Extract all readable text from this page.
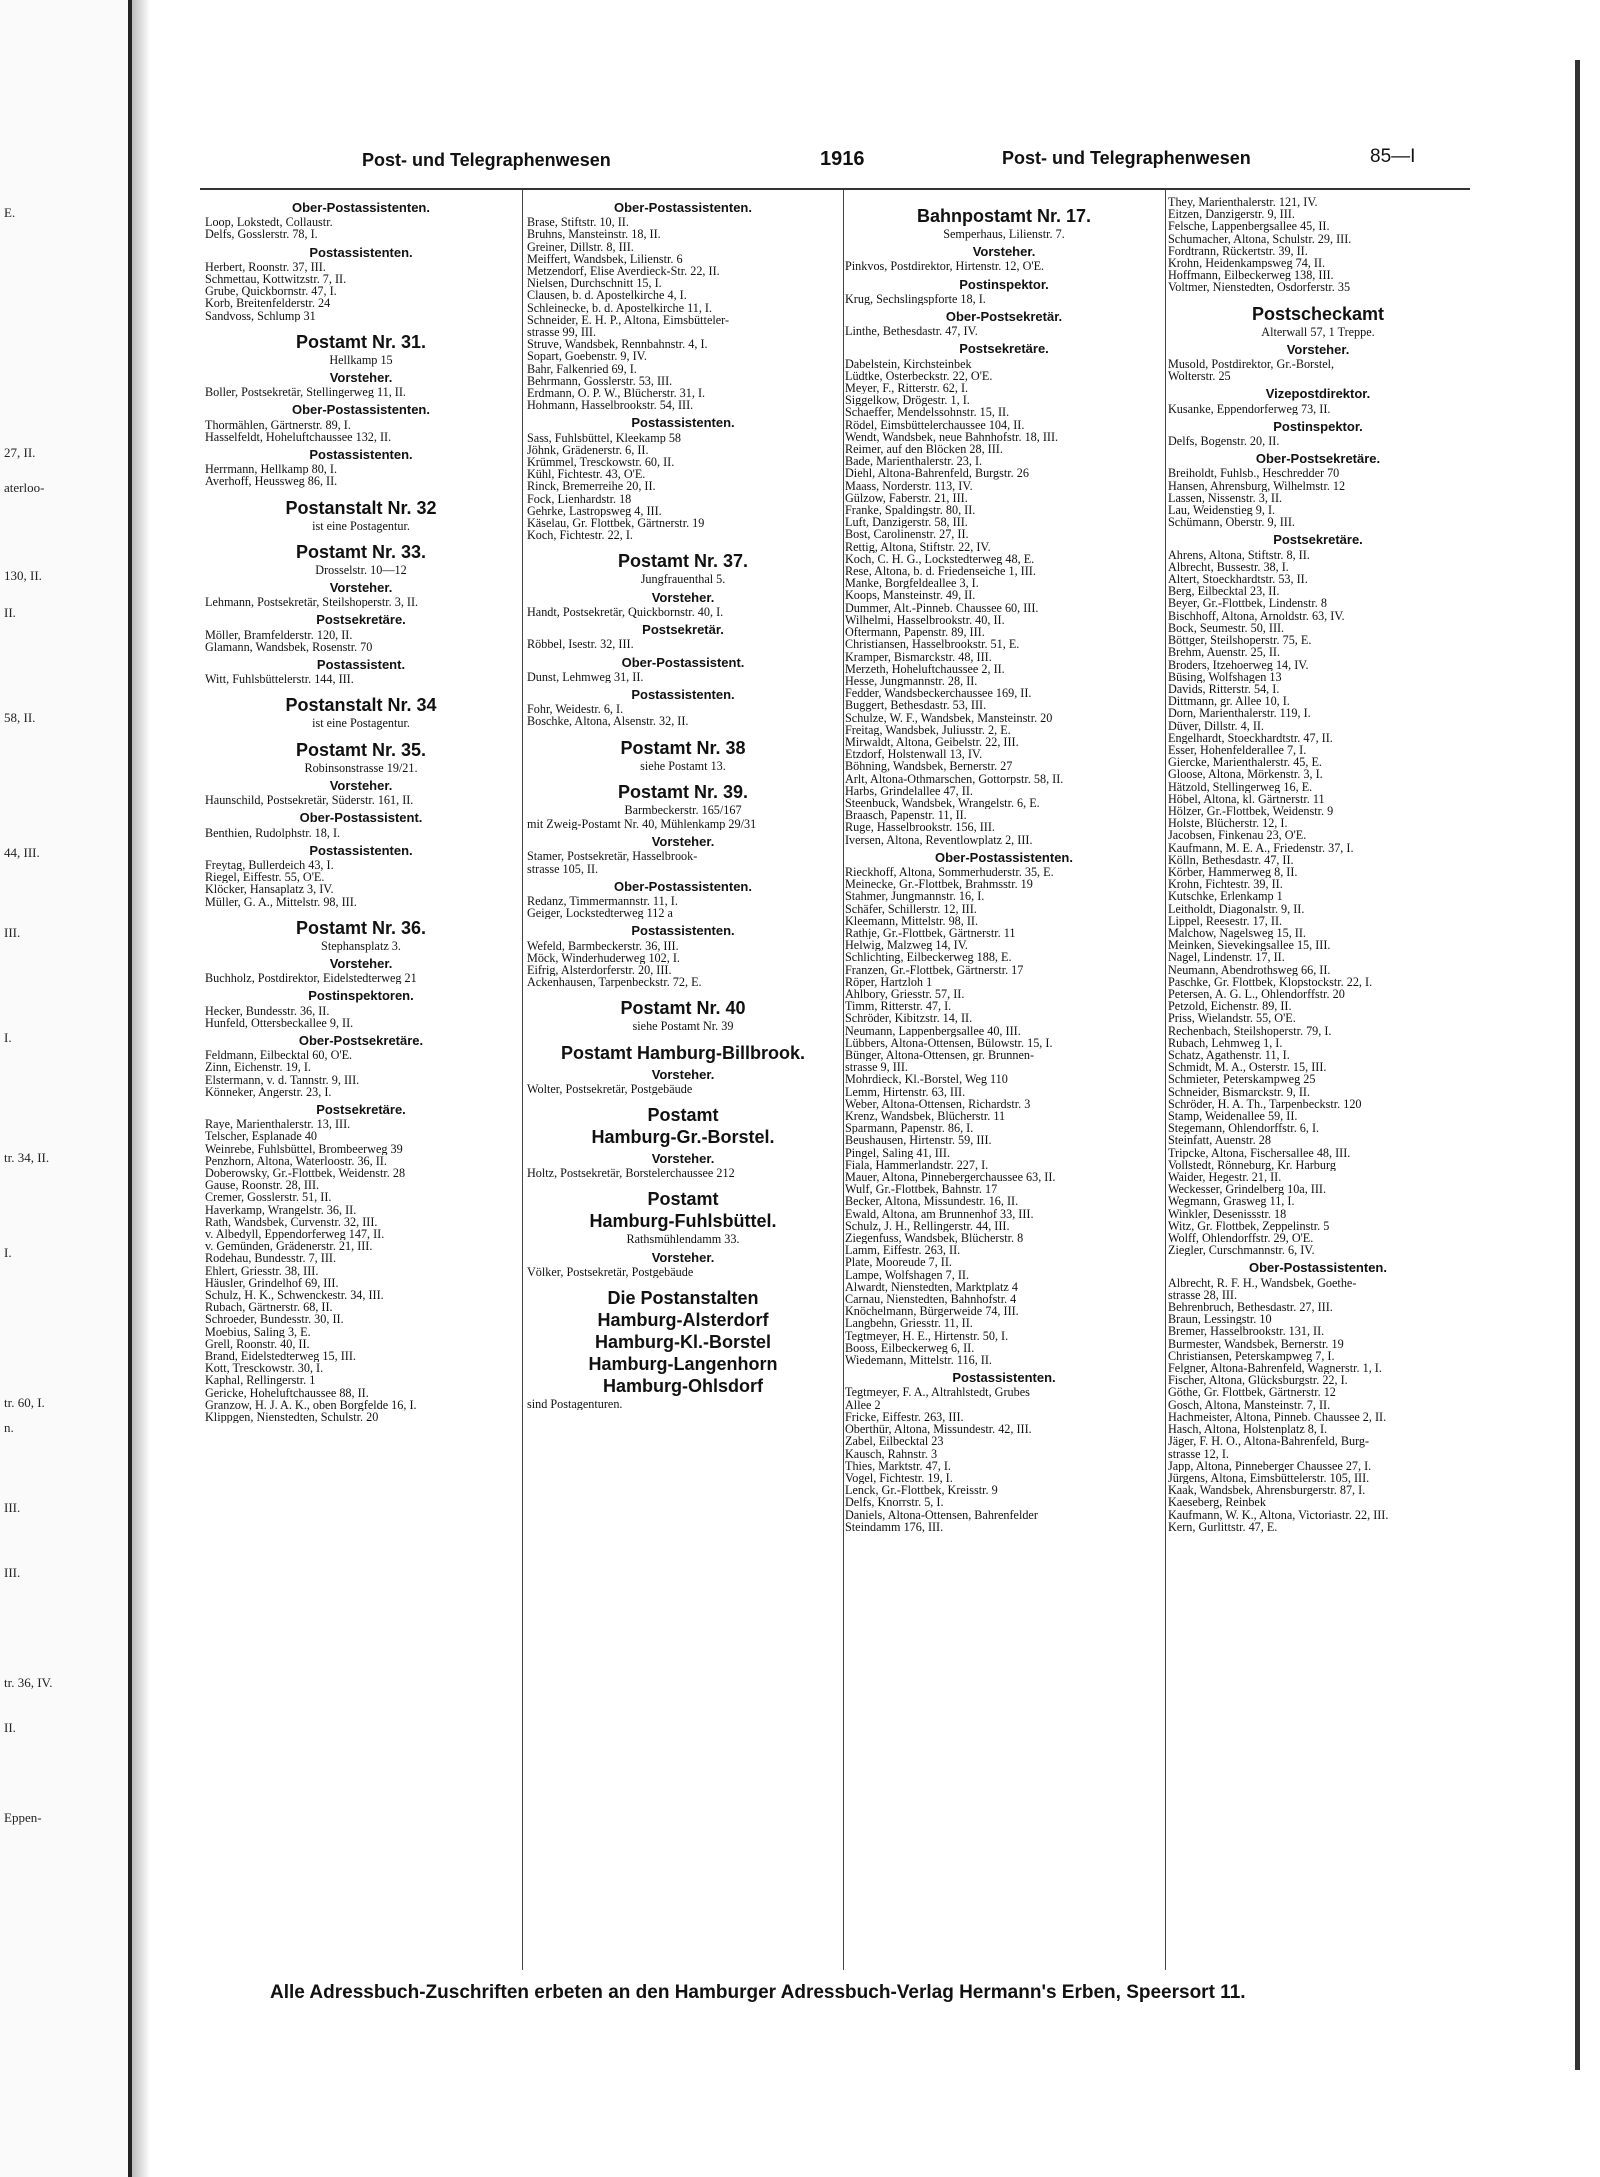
E.
27, II.
aterloo-
130, II.
II.
58, II.
44, III.
III.
I.
tr. 34, II.
I.
tr. 60, I.
n.
III.
III.
tr. 36, IV.
II.
Eppen-
Post- und Telegraphenwesen	1916	Post- und Telegraphenwesen	85—I
Ober-Postassistenten.
Loop, Lokstedt, Collaustr.
Delfs, Gosslerstr. 78, I.
Postassistenten.
Herbert, Roonstr. 37, III.
Schmettau, Kottwitzstr. 7, II.
Grube, Quickbornstr. 47, I.
Korb, Breitenfelderstr. 24
Sandvoss, Schlump 31
Postamt Nr. 31.
Hellkamp 15
Vorsteher.
Boller, Postsekretär, Stellingerweg 11, II.
Ober-Postassistenten.
Thormählen, Gärtnerstr. 89, I.
Hasselfeldt, Hoheluftchaussee 132, II.
Postassistenten.
Herrmann, Hellkamp 80, I.
Averhoff, Heussweg 86, II.
Postanstalt Nr. 32
ist eine Postagentur.
Postamt Nr. 33.
Drosselstr. 10—12
Vorsteher.
Lehmann, Postsekretär, Steilshoperstr. 3, II.
Postsekretäre.
Möller, Bramfelderstr. 120, II.
Glamann, Wandsbek, Rosenstr. 70
Postassistent.
Witt, Fuhlsbüttelerstr. 144, III.
Postanstalt Nr. 34
ist eine Postagentur.
Postamt Nr. 35.
Robinsonstrasse 19/21.
Vorsteher.
Haunschild, Postsekretär, Süderstr. 161, II.
Ober-Postassistent.
Benthien, Rudolphstr. 18, I.
Postassistenten.
Freytag, Bullerdeich 43, I.
Riegel, Eiffestr. 55, O'E.
Klöcker, Hansaplatz 3, IV.
Müller, G. A., Mittelstr. 98, III.
Postamt Nr. 36.
Stephansplatz 3.
Vorsteher.
Buchholz, Postdirektor, Eidelstedterweg 21
Postinspektoren.
Hecker, Bundesstr. 36, II.
Hunfeld, Ottersbeckallee 9, II.
Ober-Postsekretäre.
Feldmann, Eilbecktal 60, O'E.
Zinn, Eichenstr. 19, I.
Elstermann, v. d. Tannstr. 9, III.
Könneker, Angerstr. 23, I.
Postsekretäre.
Raye, Marienthalerstr. 13, III.
Telscher, Esplanade 40
Weinrebe, Fuhlsbüttel, Brombeerweg 39
Penzhorn, Altona, Waterloostr. 36, II.
Doberowsky, Gr.-Flottbek, Weidenstr. 28
Gause, Roonstr. 28, III.
Cremer, Gosslerstr. 51, II.
Haverkamp, Wrangelstr. 36, II.
Rath, Wandsbek, Curvenstr. 32, III.
v. Albedyll, Eppendorferweg 147, II.
v. Gemünden, Grädenerstr. 21, III.
Rodehau, Bundesstr. 7, III.
Ehlert, Griesstr. 38, III.
Häusler, Grindelhof 69, III.
Schulz, H. K., Schwenckestr. 34, III.
Rubach, Gärtnerstr. 68, II.
Schroeder, Bundesstr. 30, II.
Moebius, Saling 3, E.
Grell, Roonstr. 40, II.
Brand, Eidelstedterweg 15, III.
Kott, Tresckowstr. 30, I.
Kaphal, Rellingerstr. 1
Gericke, Hoheluftchaussee 88, II.
Granzow, H. J. A. K., oben Borgfelde 16, I.
Klippgen, Nienstedten, Schulstr. 20
Ober-Postassistenten.
Brase, Stiftstr. 10, II.
Bruhns, Mansteinstr. 18, II.
Greiner, Dillstr. 8, III.
Meiffert, Wandsbek, Lilienstr. 6
Metzendorf, Elise Averdieck-Str. 22, II.
Nielsen, Durchschnitt 15, I.
Clausen, b. d. Apostelkirche 4, I.
Schleinecke, b. d. Apostelkirche 11, I.
Schneider, E. H. P., Altona, Eimsbütteler-
strasse 99, III.
Struve, Wandsbek, Rennbahnstr. 4, I.
Sopart, Goebenstr. 9, IV.
Bahr, Falkenried 69, I.
Behrmann, Gosslerstr. 53, III.
Erdmann, O. P. W., Blücherstr. 31, I.
Hohmann, Hasselbrookstr. 54, III.
Postassistenten.
Sass, Fuhlsbüttel, Kleekamp 58
Jöhnk, Grädenerstr. 6, II.
Krümmel, Tresckowstr. 60, II.
Kühl, Fichtestr. 43, O'E.
Rinck, Bremerreihe 20, II.
Fock, Lienhardstr. 18
Gehrke, Lastropsweg 4, III.
Käselau, Gr. Flottbek, Gärtnerstr. 19
Koch, Fichtestr. 22, I.
Postamt Nr. 37.
Jungfrauenthal 5.
Vorsteher.
Handt, Postsekretär, Quickbornstr. 40, I.
Postsekretär.
Röbbel, Isestr. 32, III.
Ober-Postassistent.
Dunst, Lehmweg 31, II.
Postassistenten.
Fohr, Weidestr. 6, I.
Boschke, Altona, Alsenstr. 32, II.
Postamt Nr. 38
siehe Postamt 13.
Postamt Nr. 39.
Barmbeckerstr. 165/167
mit Zweig-Postamt Nr. 40, Mühlenkamp 29/31
Vorsteher.
Stamer, Postsekretär, Hasselbrook-
strasse 105, II.
Ober-Postassistenten.
Redanz, Timmermannstr. 11, I.
Geiger, Lockstedterweg 112 a
Postassistenten.
Wefeld, Barmbeckerstr. 36, III.
Möck, Winderhuderweg 102, I.
Eifrig, Alsterdorferstr. 20, III.
Ackenhausen, Tarpenbeckstr. 72, E.
Postamt Nr. 40
siehe Postamt Nr. 39
Postamt Hamburg-Billbrook.
Vorsteher.
Wolter, Postsekretär, Postgebäude
Postamt
Hamburg-Gr.-Borstel.
Vorsteher.
Holtz, Postsekretär, Borstelerchaussee 212
Postamt
Hamburg-Fuhlsbüttel.
Rathsmühlendamm 33.
Vorsteher.
Völker, Postsekretär, Postgebäude
Die Postanstalten
Hamburg-Alsterdorf
Hamburg-Kl.-Borstel
Hamburg-Langenhorn
Hamburg-Ohlsdorf
sind Postagenturen.
Bahnpostamt Nr. 17.
Semperhaus, Lilienstr. 7.
Vorsteher.
Pinkvos, Postdirektor, Hirtenstr. 12, O'E.
Postinspektor.
Krug, Sechslingspforte 18, I.
Ober-Postsekretär.
Linthe, Bethesdastr. 47, IV.
Postsekretäre.
Dabelstein, Kirchsteinbek
Lüdtke, Osterbeckstr. 22, O'E.
Meyer, F., Ritterstr. 62, I.
Siggelkow, Drögestr. 1, I.
Schaeffer, Mendelssohnstr. 15, II.
Rödel, Eimsbüttelerchaussee 104, II.
Wendt, Wandsbek, neue Bahnhofstr. 18, III.
Reimer, auf den Blöcken 28, III.
Bade, Marienthalerstr. 23, I.
Diehl, Altona-Bahrenfeld, Burgstr. 26
Maass, Norderstr. 113, IV.
Gülzow, Faberstr. 21, III.
Franke, Spaldingstr. 80, II.
Luft, Danzigerstr. 58, III.
Bost, Carolinenstr. 27, II.
Rettig, Altona, Stiftstr. 22, IV.
Koch, C. H. G., Lockstedterweg 48, E.
Rese, Altona, b. d. Friedenseiche 1, III.
Manke, Borgfeldeallee 3, I.
Koops, Mansteinstr. 49, II.
Dummer, Alt.-Pinneb. Chaussee 60, III.
Wilhelmi, Hasselbrookstr. 40, II.
Oftermann, Papenstr. 89, III.
Christiansen, Hasselbrookstr. 51, E.
Kramper, Bismarckstr. 48, III.
Merzeth, Hoheluftchaussee 2, II.
Hesse, Jungmannstr. 28, II.
Fedder, Wandsbeckerchaussee 169, II.
Buggert, Bethesdastr. 53, III.
Schulze, W. F., Wandsbek, Mansteinstr. 20
Freitag, Wandsbek, Juliusstr. 2, E.
Mirwaldt, Altona, Geibelstr. 22, III.
Etzdorf, Holstenwall 13, IV.
Böhning, Wandsbek, Bernerstr. 27
Arlt, Altona-Othmarschen, Gottorpstr. 58, II.
Harbs, Grindelallee 47, II.
Steenbuck, Wandsbek, Wrangelstr. 6, E.
Braasch, Papenstr. 11, II.
Ruge, Hasselbrookstr. 156, III.
Iversen, Altona, Reventlowplatz 2, III.
Ober-Postassistenten.
Rieckhoff, Altona, Sommerhuderstr. 35, E.
Meinecke, Gr.-Flottbek, Brahmsstr. 19
Stahmer, Jungmannstr. 16, I.
Schäfer, Schillerstr. 12, III.
Kleemann, Mittelstr. 98, II.
Rathje, Gr.-Flottbek, Gärtnerstr. 11
Helwig, Malzweg 14, IV.
Schlichting, Eilbeckerweg 188, E.
Franzen, Gr.-Flottbek, Gärtnerstr. 17
Röper, Hartzloh 1
Ahlbory, Griesstr. 57, II.
Timm, Ritterstr. 47, I.
Schröder, Kibitzstr. 14, II.
Neumann, Lappenbergsallee 40, III.
Lübbers, Altona-Ottensen, Bülowstr. 15, I.
Bünger, Altona-Ottensen, gr. Brunnen-
strasse 9, III.
Mohrdieck, Kl.-Borstel, Weg 110
Lemm, Hirtenstr. 63, III.
Weber, Altona-Ottensen, Richardstr. 3
Krenz, Wandsbek, Blücherstr. 11
Sparmann, Papenstr. 86, I.
Beushausen, Hirtenstr. 59, III.
Pingel, Saling 41, III.
Fiala, Hammerlandstr. 227, I.
Mauer, Altona, Pinnebergerchaussee 63, II.
Wulf, Gr.-Flottbek, Bahnstr. 17
Becker, Altona, Missundestr. 16, II.
Ewald, Altona, am Brunnenhof 33, III.
Schulz, J. H., Rellingerstr. 44, III.
Ziegenfuss, Wandsbek, Blücherstr. 8
Lamm, Eiffestr. 263, II.
Plate, Mooreude 7, II.
Lampe, Wolfshagen 7, II.
Alwardt, Nienstedten, Marktplatz 4
Carnau, Nienstedten, Bahnhofstr. 4
Knöchelmann, Bürgerweide 74, III.
Langbehn, Griesstr. 11, II.
Tegtmeyer, H. E., Hirtenstr. 50, I.
Booss, Eilbeckerweg 6, II.
Wiedemann, Mittelstr. 116, II.
Postassistenten.
Tegtmeyer, F. A., Altrahlstedt, Grubes
Allee 2
Fricke, Eiffestr. 263, III.
Oberthür, Altona, Missundestr. 42, III.
Zabel, Eilbecktal 23
Kausch, Rahnstr. 3
Thies, Marktstr. 47, I.
Vogel, Fichtestr. 19, I.
Lenck, Gr.-Flottbek, Kreisstr. 9
Delfs, Knorrstr. 5, I.
Daniels, Altona-Ottensen, Bahrenfelder
Steindamm 176, III.
They, Marienthalerstr. 121, IV.
Eitzen, Danzigerstr. 9, III.
Felsche, Lappenbergsallee 45, II.
Schumacher, Altona, Schulstr. 29, III.
Fordtrann, Rückertstr. 39, II.
Krohn, Heidenkampsweg 74, II.
Hoffmann, Eilbeckerweg 138, III.
Voltmer, Nienstedten, Osdorferstr. 35
Postscheckamt
Alterwall 57, 1 Treppe.
Vorsteher.
Musold, Postdirektor, Gr.-Borstel,
Wolterstr. 25
Vizepostdirektor.
Kusanke, Eppendorferweg 73, II.
Postinspektor.
Delfs, Bogenstr. 20, II.
Ober-Postsekretäre.
Breiholdt, Fuhlsb., Heschredder 70
Hansen, Ahrensburg, Wilhelmstr. 12
Lassen, Nissenstr. 3, II.
Lau, Weidenstieg 9, I.
Schümann, Oberstr. 9, III.
Postsekretäre.
Ahrens, Altona, Stiftstr. 8, II.
Albrecht, Bussestr. 38, I.
Altert, Stoeckhardtstr. 53, II.
Berg, Eilbecktal 23, II.
Beyer, Gr.-Flottbek, Lindenstr. 8
Bischhoff, Altona, Arnoldstr. 63, IV.
Bock, Seumestr. 50, III.
Böttger, Steilshoperstr. 75, E.
Brehm, Auenstr. 25, II.
Broders, Itzehoerweg 14, IV.
Büsing, Wolfshagen 13
Davids, Ritterstr. 54, I.
Dittmann, gr. Allee 10, I.
Dorn, Marienthalerstr. 119, I.
Düver, Dillstr. 4, II.
Engelhardt, Stoeckhardtstr. 47, II.
Esser, Hohenfelderallee 7, I.
Giercke, Marienthalerstr. 45, E.
Gloose, Altona, Mörkenstr. 3, I.
Hätzold, Stellingerweg 16, E.
Höbel, Altona, kl. Gärtnerstr. 11
Hölzer, Gr.-Flottbek, Weidenstr. 9
Holste, Blücherstr. 12, I.
Jacobsen, Finkenau 23, O'E.
Kaufmann, M. E. A., Friedenstr. 37, I.
Kölln, Bethesdastr. 47, II.
Körber, Hammerweg 8, II.
Krohn, Fichtestr. 39, II.
Kutschke, Erlenkamp 1
Leitholdt, Diagonalstr. 9, II.
Lippel, Reesestr. 17, II.
Malchow, Nagelsweg 15, II.
Meinken, Sievekingsallee 15, III.
Nagel, Lindenstr. 17, II.
Neumann, Abendrothsweg 66, II.
Paschke, Gr. Flottbek, Klopstockstr. 22, I.
Petersen, A. G. L., Ohlendorffstr. 20
Petzold, Eichenstr. 89, II.
Priss, Wielandstr. 55, O'E.
Rechenbach, Steilshoperstr. 79, I.
Rubach, Lehmweg 1, I.
Schatz, Agathenstr. 11, I.
Schmidt, M. A., Osterstr. 15, III.
Schmieter, Peterskampweg 25
Schneider, Bismarckstr. 9, II.
Schröder, H. A. Th., Tarpenbeckstr. 120
Stamp, Weidenallee 59, II.
Stegemann, Ohlendorffstr. 6, I.
Steinfatt, Auenstr. 28
Tripcke, Altona, Fischersallee 48, III.
Vollstedt, Rönneburg, Kr. Harburg
Waider, Hegestr. 21, II.
Weckesser, Grindelberg 10a, III.
Wegmann, Grasweg 11, I.
Winkler, Desenissstr. 18
Witz, Gr. Flottbek, Zeppelinstr. 5
Wolff, Ohlendorffstr. 29, O'E.
Ziegler, Curschmannstr. 6, IV.
Ober-Postassistenten.
Albrecht, R. F. H., Wandsbek, Goethe-
strasse 28, III.
Behrenbruch, Bethesdastr. 27, III.
Braun, Lessingstr. 10
Bremer, Hasselbrookstr. 131, II.
Burmester, Wandsbek, Bernerstr. 19
Christiansen, Peterskampweg 7, I.
Felgner, Altona-Bahrenfeld, Wagnerstr. 1, I.
Fischer, Altona, Glücksburgstr. 22, I.
Göthe, Gr. Flottbek, Gärtnerstr. 12
Gosch, Altona, Mansteinstr. 7, II.
Hachmeister, Altona, Pinneb. Chaussee 2, II.
Hasch, Altona, Holstenplatz 8, I.
Jäger, F. H. O., Altona-Bahrenfeld, Burg-
strasse 12, I.
Japp, Altona, Pinneberger Chaussee 27, I.
Jürgens, Altona, Eimsbüttelerstr. 105, III.
Kaak, Wandsbek, Ahrensburgerstr. 87, I.
Kaeseberg, Reinbek
Kaufmann, W. K., Altona, Victoriastr. 22, III.
Kern, Gurlittstr. 47, E.
Alle Adressbuch-Zuschriften erbeten an den Hamburger Adressbuch-Verlag Hermann's Erben, Speersort 11.
